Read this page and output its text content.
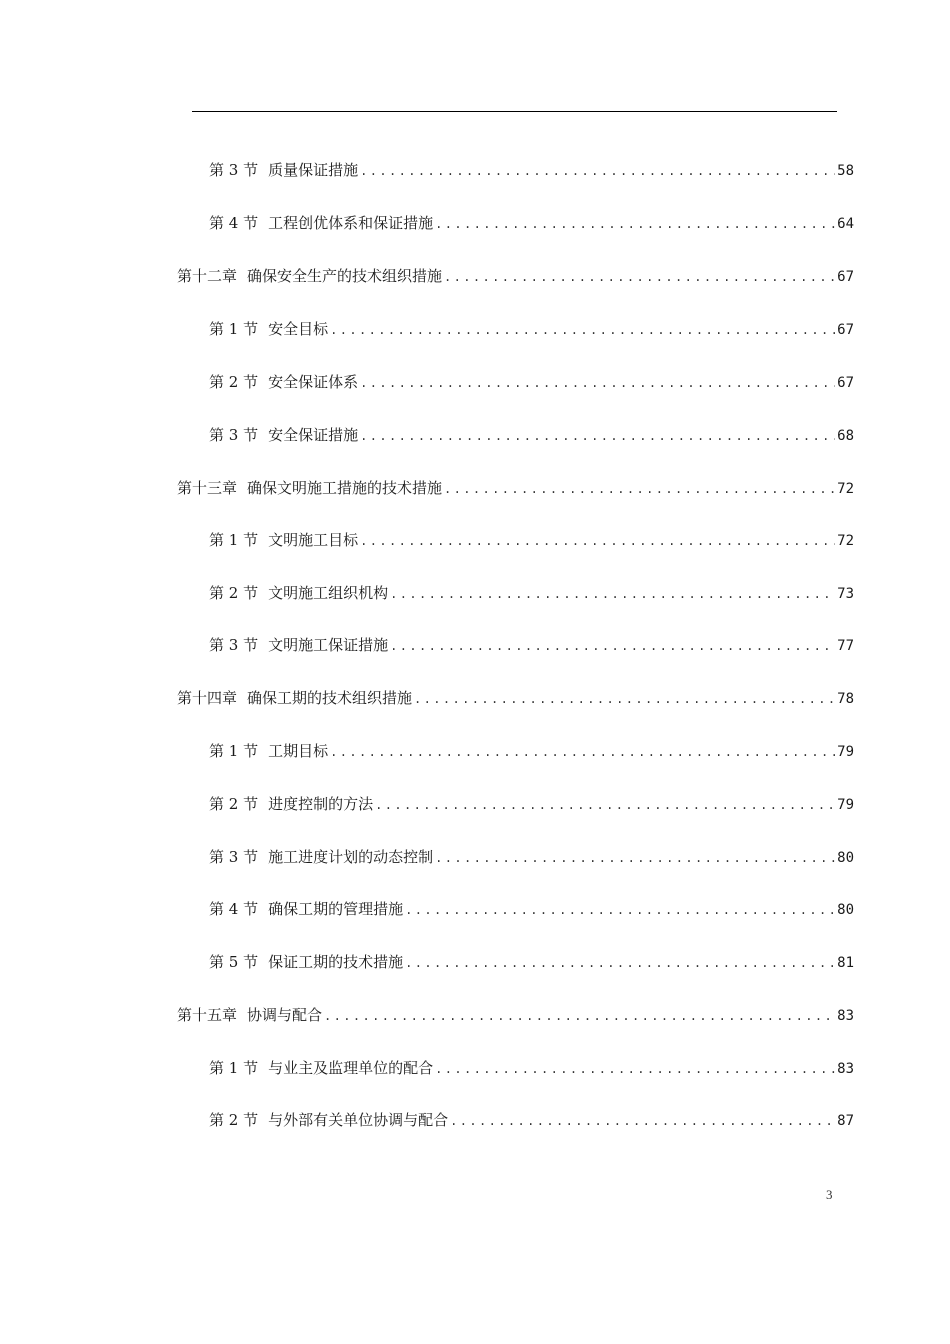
第 3 节 质量保证措施 .....	58
第 4 节 工程创优体系和保证措施 .....	64
第十二章 确保安全生产的技术组织措施 .....	67
第 1 节 安全目标 .....	67
第 2 节 安全保证体系 .....	67
第 3 节 安全保证措施 .....	68
第十三章 确保文明施工措施的技术措施 .....	72
第 1 节 文明施工目标 .....	72
第 2 节 文明施工组织机构 .....	73
第 3 节 文明施工保证措施 .....	77
第十四章 确保工期的技术组织措施 .....	78
第 1 节 工期目标 .....	79
第 2 节 进度控制的方法 .....	79
第 3 节 施工进度计划的动态控制 .....	80
第 4 节 确保工期的管理措施 .....	80
第 5 节 保证工期的技术措施 .....	81
第十五章 协调与配合 .....	83
第 1 节 与业主及监理单位的配合 .....	83
第 2 节 与外部有关单位协调与配合 .....	87
3
